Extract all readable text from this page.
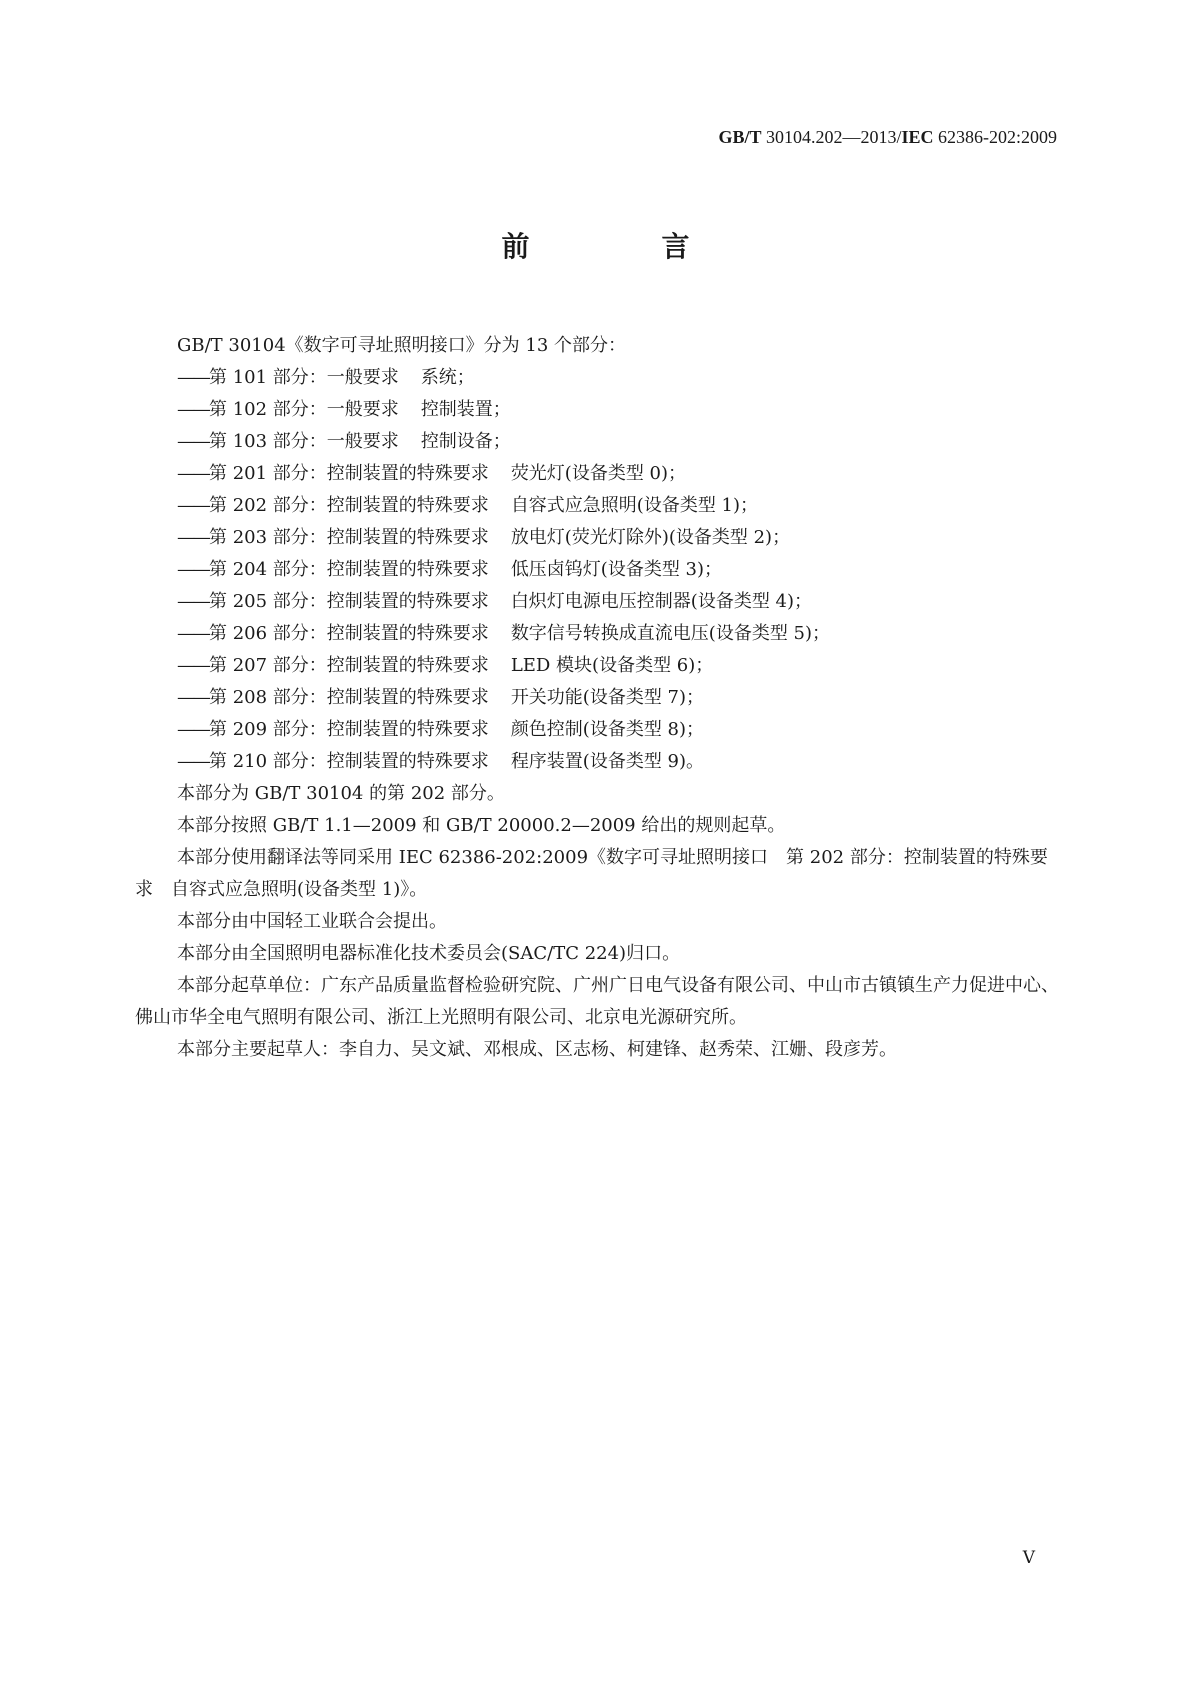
GB/T 30104.202—2013/IEC 62386-202:2009
前　言

GB/T 30104《数字可寻址照明接口》分为 13 个部分：

——第 101 部分：一般要求 系统；
——第 102 部分：一般要求 控制装置；
——第 103 部分：一般要求 控制设备；
——第 201 部分：控制装置的特殊要求 荧光灯(设备类型 0)；
——第 202 部分：控制装置的特殊要求 自容式应急照明(设备类型 1)；
——第 203 部分：控制装置的特殊要求 放电灯(荧光灯除外)(设备类型 2)；
——第 204 部分：控制装置的特殊要求 低压卤钨灯(设备类型 3)；
——第 205 部分：控制装置的特殊要求 白炽灯电源电压控制器(设备类型 4)；
——第 206 部分：控制装置的特殊要求 数字信号转换成直流电压(设备类型 5)；
——第 207 部分：控制装置的特殊要求 LED 模块(设备类型 6)；
——第 208 部分：控制装置的特殊要求 开关功能(设备类型 7)；
——第 209 部分：控制装置的特殊要求 颜色控制(设备类型 8)；
——第 210 部分：控制装置的特殊要求 程序装置(设备类型 9)。

本部分为 GB/T 30104 的第 202 部分。

本部分按照 GB/T 1.1—2009 和 GB/T 20000.2—2009 给出的规则起草。

本部分使用翻译法等同采用 IEC 62386-202:2009《数字可寻址照明接口　第 202 部分：控制装置的特殊要求　自容式应急照明(设备类型 1)》。

本部分由中国轻工业联合会提出。

本部分由全国照明电器标准化技术委员会(SAC/TC 224)归口。

本部分起草单位：广东产品质量监督检验研究院、广州广日电气设备有限公司、中山市古镇镇生产力促进中心、佛山市华全电气照明有限公司、浙江上光照明有限公司、北京电光源研究所。

本部分主要起草人：李自力、吴文斌、邓根成、区志杨、柯建锋、赵秀荣、江姗、段彦芳。

V
